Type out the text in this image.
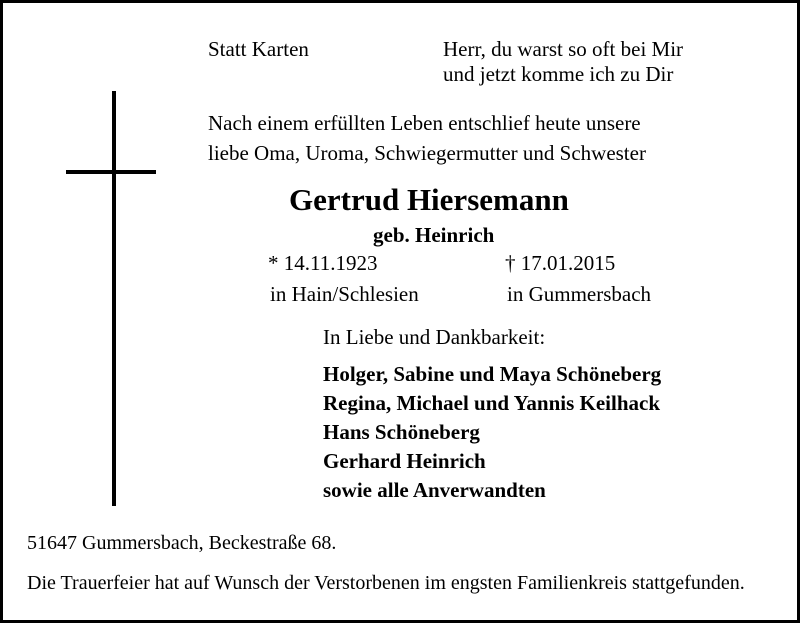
Statt Karten	Herr, du warst so oft bei Mir
und jetzt komme ich zu Dir
Nach einem erfüllten Leben entschlief heute unsere
liebe Oma, Uroma, Schwiegermutter und Schwester
Gertrud Hiersemann
geb. Heinrich
* 14.11.1923	† 17.01.2015
in Hain/Schlesien	in Gummersbach
In Liebe und Dankbarkeit:
Holger, Sabine und Maya Schöneberg
Regina, Michael und Yannis Keilhack
Hans Schöneberg
Gerhard Heinrich
sowie alle Anverwandten
51647 Gummersbach, Beckestraße 68.
Die Trauerfeier hat auf Wunsch der Verstorbenen im engsten Familienkreis stattgefunden.
